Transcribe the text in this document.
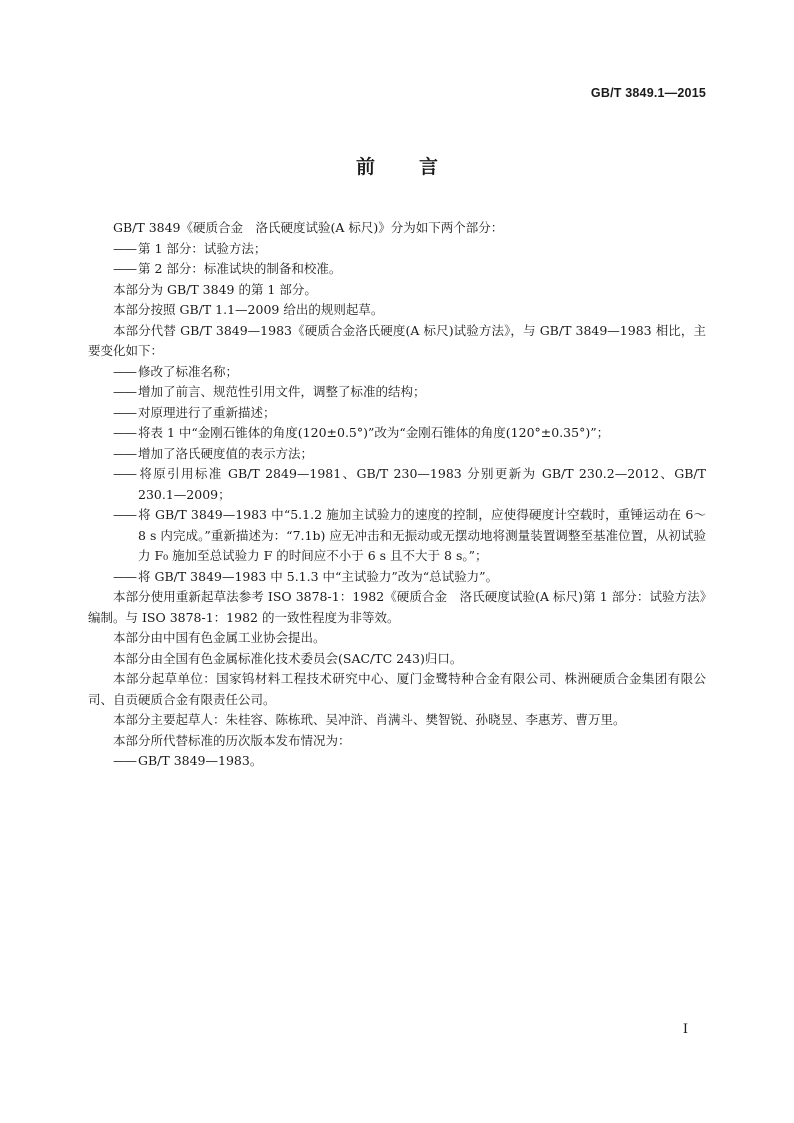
GB/T 3849.1—2015
前言

GB/T 3849《硬质合金　洛氏硬度试验(A 标尺)》分为如下两个部分：

—— 第 1 部分：试验方法；

—— 第 2 部分：标准试块的制备和校准。

本部分为 GB/T 3849 的第 1 部分。

本部分按照 GB/T 1.1—2009 给出的规则起草。

本部分代替 GB/T 3849—1983《硬质合金洛氏硬度(A 标尺)试验方法》，与 GB/T 3849—1983 相比，主要变化如下：

—— 修改了标准名称；

—— 增加了前言、规范性引用文件，调整了标准的结构；

—— 对原理进行了重新描述；

—— 将表 1 中“金刚石锥体的角度(120±0.5°)”改为“金刚石锥体的角度(120°±0.35°)”；

—— 增加了洛氏硬度值的表示方法；

—— 将原引用标准 GB/T 2849—1981、GB/T 230—1983 分别更新为 GB/T 230.2—2012、GB/T 230.1—2009；

—— 将 GB/T 3849—1983 中“5.1.2 施加主试验力的速度的控制，应使得硬度计空载时，重锤运动在 6～8 s 内完成。”重新描述为：“7.1b) 应无冲击和无振动或无摆动地将测量装置调整至基准位置，从初试验力 F₀ 施加至总试验力 F 的时间应不小于 6 s 且不大于 8 s。”；

—— 将 GB/T 3849—1983 中 5.1.3 中“主试验力”改为“总试验力”。

本部分使用重新起草法参考 ISO 3878-1：1982《硬质合金　洛氏硬度试验(A 标尺)第 1 部分：试验方法》编制。与 ISO 3878-1：1982 的一致性程度为非等效。

本部分由中国有色金属工业协会提出。

本部分由全国有色金属标准化技术委员会(SAC/TC 243)归口。

本部分起草单位：国家钨材料工程技术研究中心、厦门金鹭特种合金有限公司、株洲硬质合金集团有限公司、自贡硬质合金有限责任公司。

本部分主要起草人：朱桂容、陈栋玳、吴冲浒、肖满斗、樊智锐、孙晓昱、李惠芳、曹万里。

本部分所代替标准的历次版本发布情况为：

—— GB/T 3849—1983。

I
